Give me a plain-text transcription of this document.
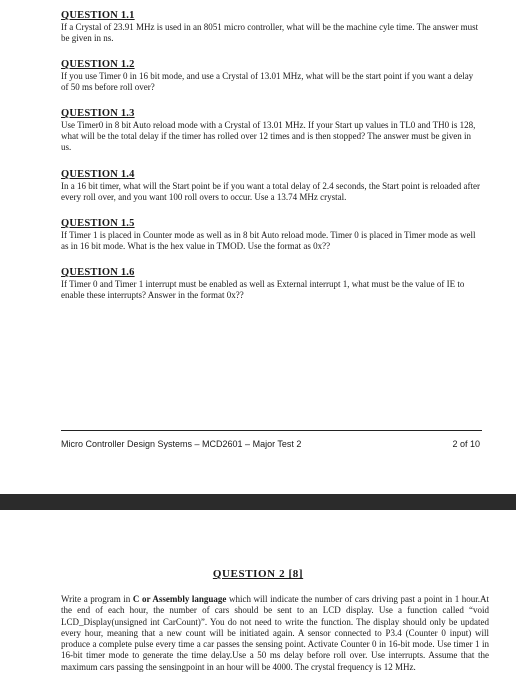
QUESTION 1.1
If a Crystal of 23.91 MHz is used in an 8051 micro controller, what will be the machine cyle time. The answer must be given in ns.
QUESTION 1.2
If you use Timer 0 in 16 bit mode, and use a Crystal of 13.01 MHz, what will be the start point if you want a delay of 50 ms before roll over?
QUESTION 1.3
Use Timer0 in 8 bit Auto reload mode with a Crystal of 13.01 MHz. If your Start up values in TL0 and TH0 is 128, what will be the total delay if the timer has rolled over 12 times and is then stopped? The answer must be given in us.
QUESTION 1.4
In a 16 bit timer, what will the Start point be if you want a total delay of 2.4 seconds, the Start point is reloaded after every roll over, and you want 100 roll overs to occur. Use a 13.74 MHz crystal.
QUESTION 1.5
If Timer 1 is placed in Counter mode as well as in 8 bit Auto reload mode. Timer 0 is placed in Timer mode as well as in 16 bit mode. What is the hex value in TMOD. Use the format as 0x??
QUESTION 1.6
If Timer 0 and Timer 1 interrupt must be enabled as well as External interrupt 1, what must be the value of IE to enable these interrupts? Answer in the format 0x??
Micro Controller Design Systems – MCD2601 – Major Test 2	2 of 10
QUESTION 2 [8]
Write a program in C or Assembly language which will indicate the number of cars driving past a point in 1 hour.At the end of each hour, the number of cars should be sent to an LCD display. Use a function called “void LCD_Display(unsigned int CarCount)”. You do not need to write the function. The display should only be updated every hour, meaning that a new count will be initiated again. A sensor connected to P3.4 (Counter 0 input) will produce a complete pulse every time a car passes the sensing point. Activate Counter 0 in 16-bit mode. Use timer 1 in 16-bit timer mode to generate the time delay.Use a 50 ms delay before roll over. Use interrupts. Assume that the maximum cars passing the sensingpoint in an hour will be 4000. The crystal frequency is 12 MHz.
